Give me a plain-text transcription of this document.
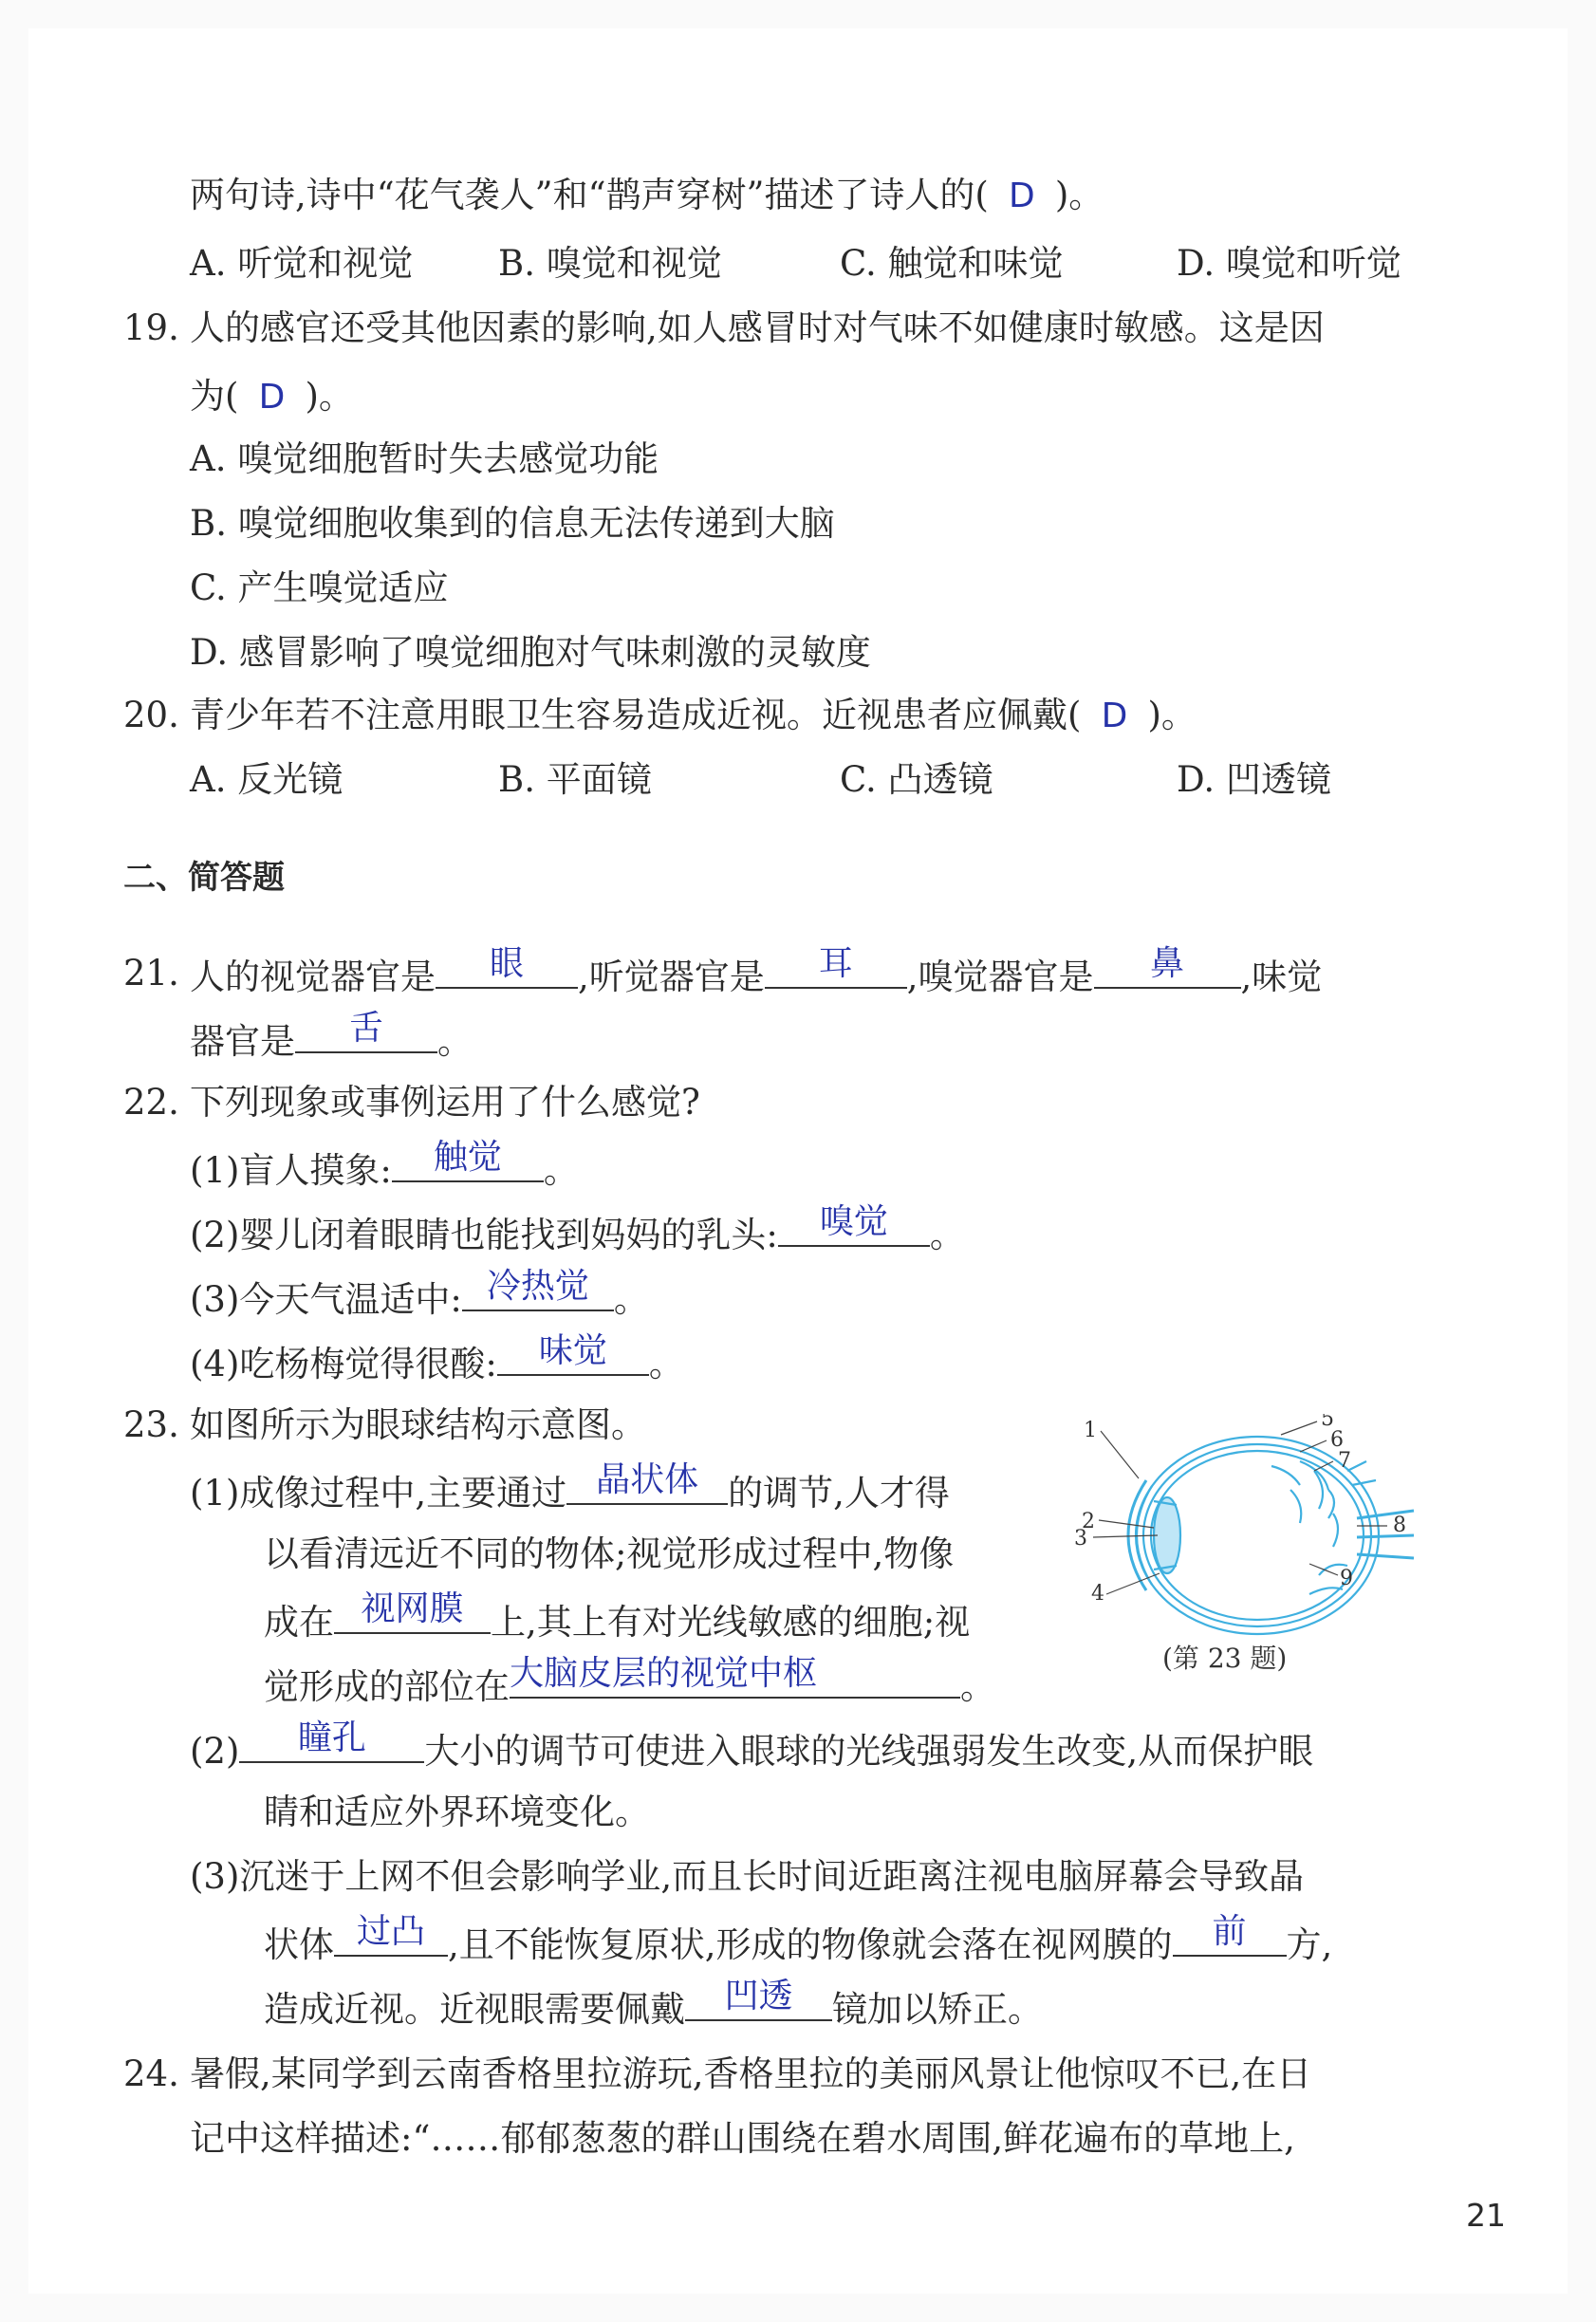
两句诗,诗中“花气袭人”和“鹊声穿树”描述了诗人的( D )。
A. 听觉和视觉 B. 嗅觉和视觉	C. 触觉和味觉	D. 嗅觉和听觉
19. 人的感官还受其他因素的影响,如人感冒时对气味不如健康时敏感。这是因
为( D )。
A. 嗅觉细胞暂时失去感觉功能
B. 嗅觉细胞收集到的信息无法传递到大脑
C. 产生嗅觉适应
D. 感冒影响了嗅觉细胞对气味刺激的灵敏度
20. 青少年若不注意用眼卫生容易造成近视。近视患者应佩戴( D )。
A. 反光镜	B. 平面镜	C. 凸透镜	D. 凹透镜
二、简答题
21. 人的视觉器官是	眼	,听觉器官是	耳	,嗅觉器官是	鼻	,味觉
器官是	舌	。
22. 下列现象或事例运用了什么感觉?
(1)盲人摸象:	触觉	。
(2)婴儿闭着眼睛也能找到妈妈的乳头:	嗅觉	。
(3)今天气温适中: 冷热觉 。
(4)吃杨梅觉得很酸:	味觉	。
23. 如图所示为眼球结构示意图。
(1)成像过程中,主要通过 晶状体 的调节,人才得
以看清远近不同的物体;视觉形成过程中,物像
成在 视网膜 上,其上有对光线敏感的细胞;视
觉形成的部位在 大脑皮层的视觉中枢	。
1
2
3
4
5
6
7
8
9
(第 23 题)
(2)	瞳孔	大小的调节可使进入眼球的光线强弱发生改变,从而保护眼
睛和适应外界环境变化。
(3)沉迷于上网不但会影响学业,而且长时间近距离注视电脑屏幕会导致晶
状体 过凸 ,且不能恢复原状,形成的物像就会落在视网膜的	前	方,
造成近视。近视眼需要佩戴	凹透	镜加以矫正。
24. 暑假,某同学到云南香格里拉游玩,香格里拉的美丽风景让他惊叹不已,在日
记中这样描述:“……郁郁葱葱的群山围绕在碧水周围,鲜花遍布的草地上,
21
